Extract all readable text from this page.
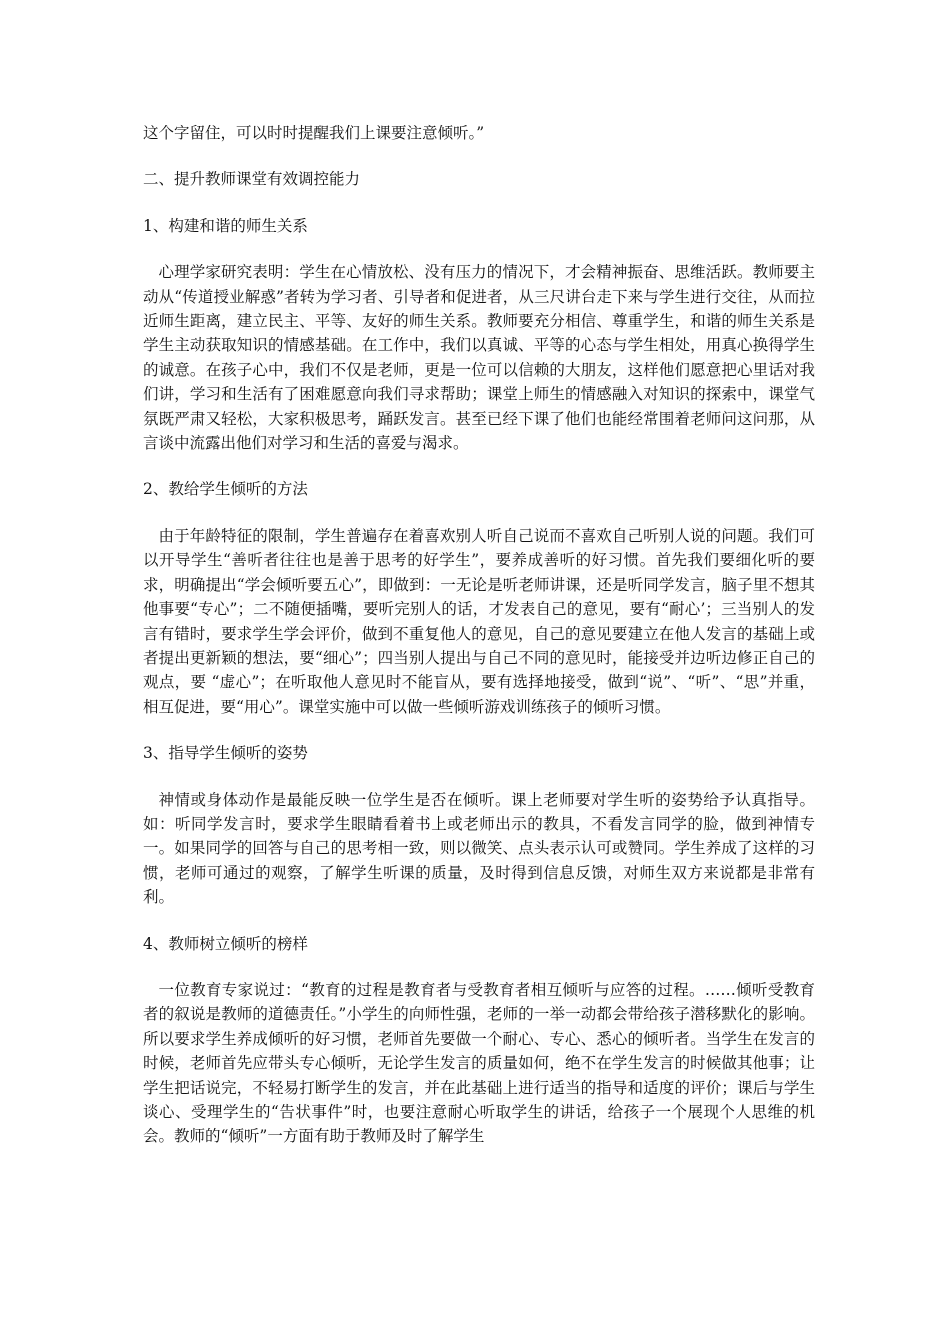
这个字留住，可以时时提醒我们上课要注意倾听。”

二、提升教师课堂有效调控能力

1、构建和谐的师生关系

心理学家研究表明：学生在心情放松、没有压力的情况下，才会精神振奋、思维活跃。教师要主动从“传道授业解惑”者转为学习者、引导者和促进者，从三尺讲台走下来与学生进行交往，从而拉近师生距离，建立民主、平等、友好的师生关系。教师要充分相信、尊重学生，和谐的师生关系是学生主动获取知识的情感基础。在工作中，我们以真诚、平等的心态与学生相处，用真心换得学生的诚意。在孩子心中，我们不仅是老师，更是一位可以信赖的大朋友，这样他们愿意把心里话对我们讲，学习和生活有了困难愿意向我们寻求帮助；课堂上师生的情感融入对知识的探索中，课堂气氛既严肃又轻松，大家积极思考，踊跃发言。甚至已经下课了他们也能经常围着老师问这问那，从言谈中流露出他们对学习和生活的喜爱与渴求。

2、教给学生倾听的方法

由于年龄特征的限制，学生普遍存在着喜欢别人听自己说而不喜欢自己听别人说的问题。我们可以开导学生“善听者往往也是善于思考的好学生”，要养成善听的好习惯。首先我们要细化听的要求，明确提出“学会倾听要五心”，即做到：一无论是听老师讲课，还是听同学发言，脑子里不想其他事要“专心”；二不随便插嘴，要听完别人的话，才发表自己的意见，要有“耐心’；三当别人的发言有错时，要求学生学会评价，做到不重复他人的意见，自己的意见要建立在他人发言的基础上或者提出更新颖的想法，要“细心”；四当别人提出与自己不同的意见时，能接受并边听边修正自己的观点，要 “虚心”；在听取他人意见时不能盲从，要有选择地接受，做到“说”、“听”、“思”并重，相互促进，要“用心”。课堂实施中可以做一些倾听游戏训练孩子的倾听习惯。

3、指导学生倾听的姿势

神情或身体动作是最能反映一位学生是否在倾听。课上老师要对学生听的姿势给予认真指导。如：听同学发言时，要求学生眼睛看着书上或老师出示的教具，不看发言同学的脸，做到神情专一。如果同学的回答与自己的思考相一致，则以微笑、点头表示认可或赞同。学生养成了这样的习惯，老师可通过的观察，了解学生听课的质量，及时得到信息反馈，对师生双方来说都是非常有利。

4、教师树立倾听的榜样

一位教育专家说过：“教育的过程是教育者与受教育者相互倾听与应答的过程。……倾听受教育者的叙说是教师的道德责任。”小学生的向师性强，老师的一举一动都会带给孩子潜移默化的影响。所以要求学生养成倾听的好习惯，老师首先要做一个耐心、专心、悉心的倾听者。当学生在发言的时候，老师首先应带头专心倾听，无论学生发言的质量如何，绝不在学生发言的时候做其他事；让学生把话说完，不轻易打断学生的发言，并在此基础上进行适当的指导和适度的评价；课后与学生谈心、受理学生的“告状事件”时，也要注意耐心听取学生的讲话，给孩子一个展现个人思维的机会。教师的“倾听”一方面有助于教师及时了解学生
